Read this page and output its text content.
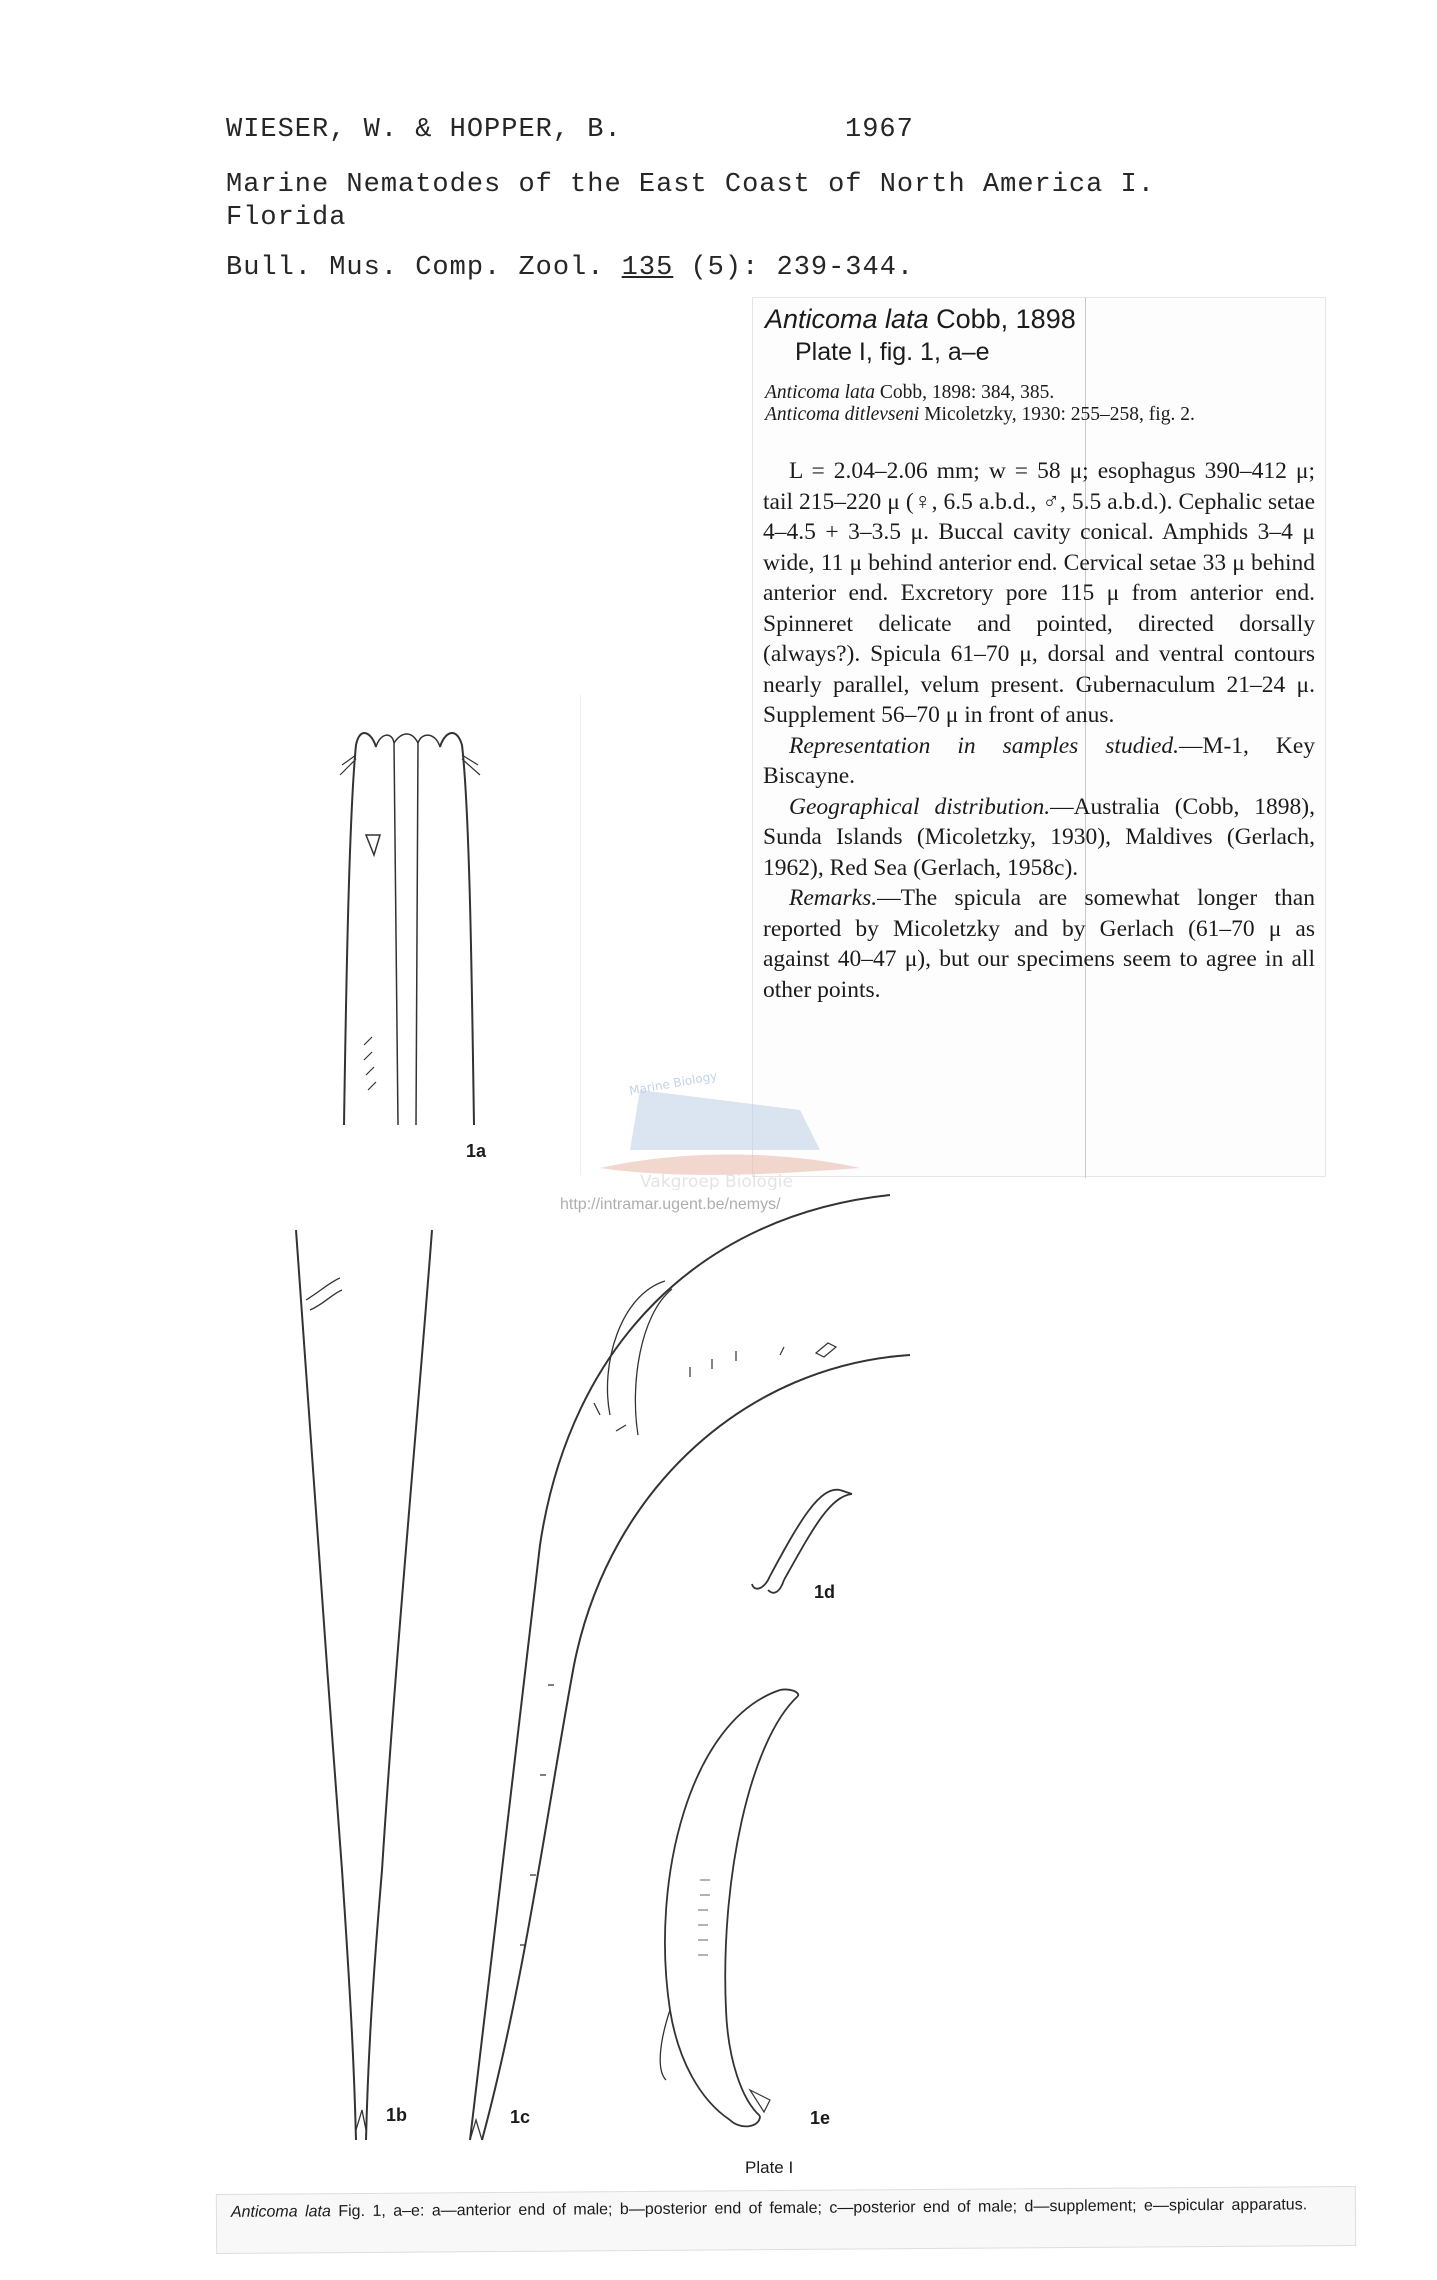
WIESER, W. & HOPPER, B.	1967
Marine Nematodes of the East Coast of North America I.
Florida
Bull. Mus. Comp. Zool. 135 (5): 239-344.
Anticoma lata Cobb, 1898
Plate I, fig. 1, a–e
Anticoma lata Cobb, 1898: 384, 385.
Anticoma ditlevseni Micoletzky, 1930: 255–258, fig. 2.

L = 2.04–2.06 mm; w = 58 μ; esophagus 390–412 μ; tail 215–220 μ (♀, 6.5 a.b.d., ♂, 5.5 a.b.d.). Cephalic setae 4–4.5 + 3–3.5 μ. Buccal cavity conical. Amphids 3–4 μ wide, 11 μ behind anterior end. Cervical setae 33 μ behind anterior end. Excretory pore 115 μ from anterior end. Spinneret delicate and pointed, directed dorsally (always?). Spicula 61–70 μ, dorsal and ventral contours nearly parallel, velum present. Gubernaculum 21–24 μ. Supplement 56–70 μ in front of anus.

Representation in samples studied.—M-1, Key Biscayne.

Geographical distribution.—Australia (Cobb, 1898), Sunda Islands (Micoletzky, 1930), Maldives (Gerlach, 1962), Red Sea (Gerlach, 1958c).

Remarks.—The spicula are somewhat longer than reported by Micoletzky and by Gerlach (61–70 μ as against 40–47 μ), but our specimens seem to agree in all other points.

1a
1b	1c
1d
1e
Plate I
Marine Biology
Vakgroep Biologie
http://intramar.ugent.be/nemys/
Anticoma lata Fig. 1, a–e: a—anterior end of male; b—posterior end of female; c—posterior end of male; d—supplement; e—spicular apparatus.
